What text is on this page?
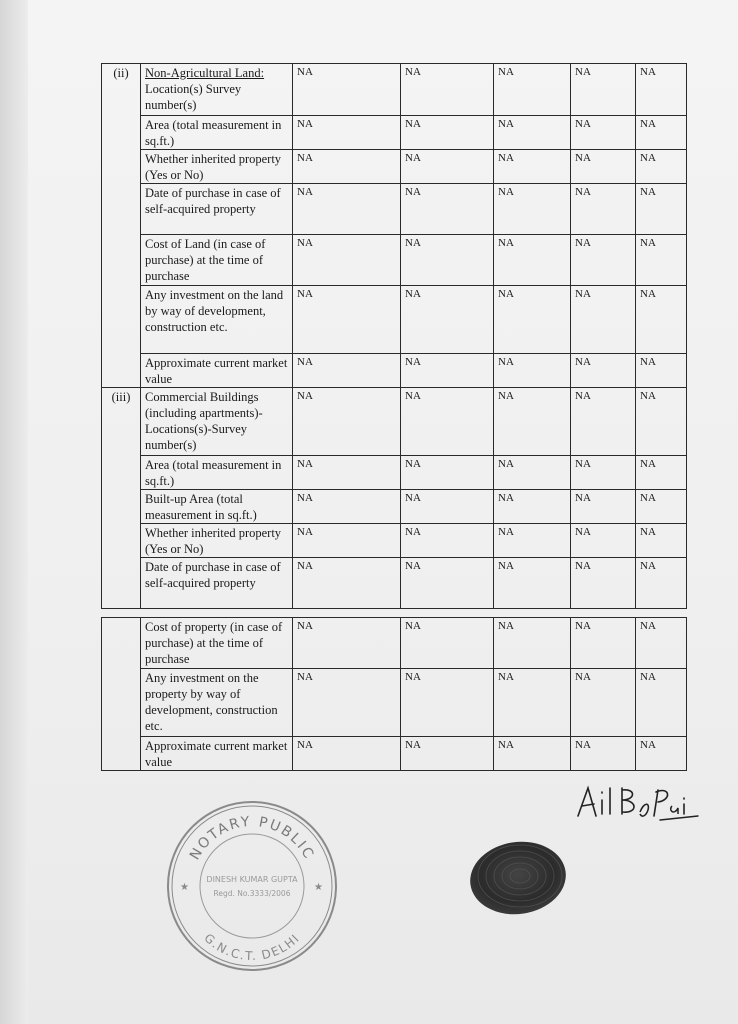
(ii)	Non-Agricultural Land: Location(s) Survey number(s)	NA	NA	NA	NA	NA
	Area (total measurement in sq.ft.)	NA	NA	NA	NA	NA
	Whether inherited property (Yes or No)	NA	NA	NA	NA	NA
	Date of purchase in case of self-acquired property	NA	NA	NA	NA	NA
	Cost of Land (in case of purchase) at the time of purchase	NA	NA	NA	NA	NA
	Any investment on the land by way of development, construction etc.	NA	NA	NA	NA	NA
	Approximate current market value	NA	NA	NA	NA	NA
(iii)	Commercial Buildings (including apartments)- Locations(s)-Survey number(s)	NA	NA	NA	NA	NA
	Area (total measurement in sq.ft.)	NA	NA	NA	NA	NA
	Built-up Area (total measurement in sq.ft.)	NA	NA	NA	NA	NA
	Whether inherited property (Yes or No)	NA	NA	NA	NA	NA
	Date of purchase in case of self-acquired property	NA	NA	NA	NA	NA
	Cost of property (in case of purchase) at the time of purchase	NA	NA	NA	NA	NA
	Any investment on the property by way of development, construction etc.	NA	NA	NA	NA	NA
	Approximate current market value	NA	NA	NA	NA	NA
NOTARY PUBLIC
G.N.C.T. DELHI
DINESH KUMAR GUPTA
Regd. No.3333/2006
★	★
